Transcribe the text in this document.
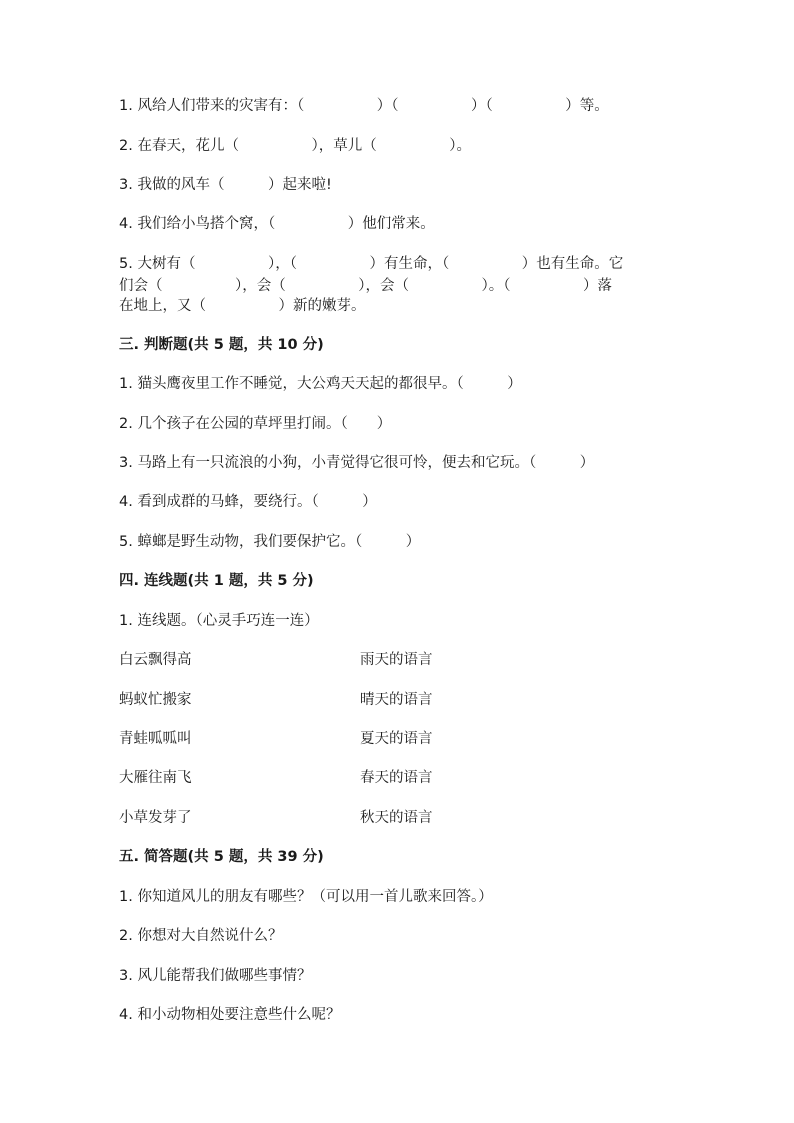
1. 风给人们带来的灾害有：（　　　　　）（　　　　　）（　　　　　）等。
2. 在春天，花儿（　　　　　），草儿（　　　　　）。
3. 我做的风车（　　　）起来啦!
4. 我们给小鸟搭个窝，（　　　　　）他们常来。
5. 大树有（　　　　　），（　　　　　）有生命，（　　　　　）也有生命。它
们会（　　　　　），会（　　　　　），会（　　　　　）。（　　　　　）落
在地上，又（　　　　　）新的嫩芽。
三. 判断题(共 5 题，共 10 分)
1. 猫头鹰夜里工作不睡觉，大公鸡天天起的都很早。（　　　）
2. 几个孩子在公园的草坪里打闹。（　　）
3. 马路上有一只流浪的小狗，小青觉得它很可怜，便去和它玩。（　　　）
4. 看到成群的马蜂，要绕行。（　　　）
5. 蟑螂是野生动物，我们要保护它。（　　　）
四. 连线题(共 1 题，共 5 分)
1. 连线题。（心灵手巧连一连）
白云飘得高	雨天的语言
蚂蚁忙搬家	晴天的语言
青蛙呱呱叫	夏天的语言
大雁往南飞	春天的语言
小草发芽了	秋天的语言
五. 简答题(共 5 题，共 39 分)
1. 你知道风儿的朋友有哪些？（可以用一首儿歌来回答。）
2. 你想对大自然说什么？
3. 风儿能帮我们做哪些事情？
4. 和小动物相处要注意些什么呢？
